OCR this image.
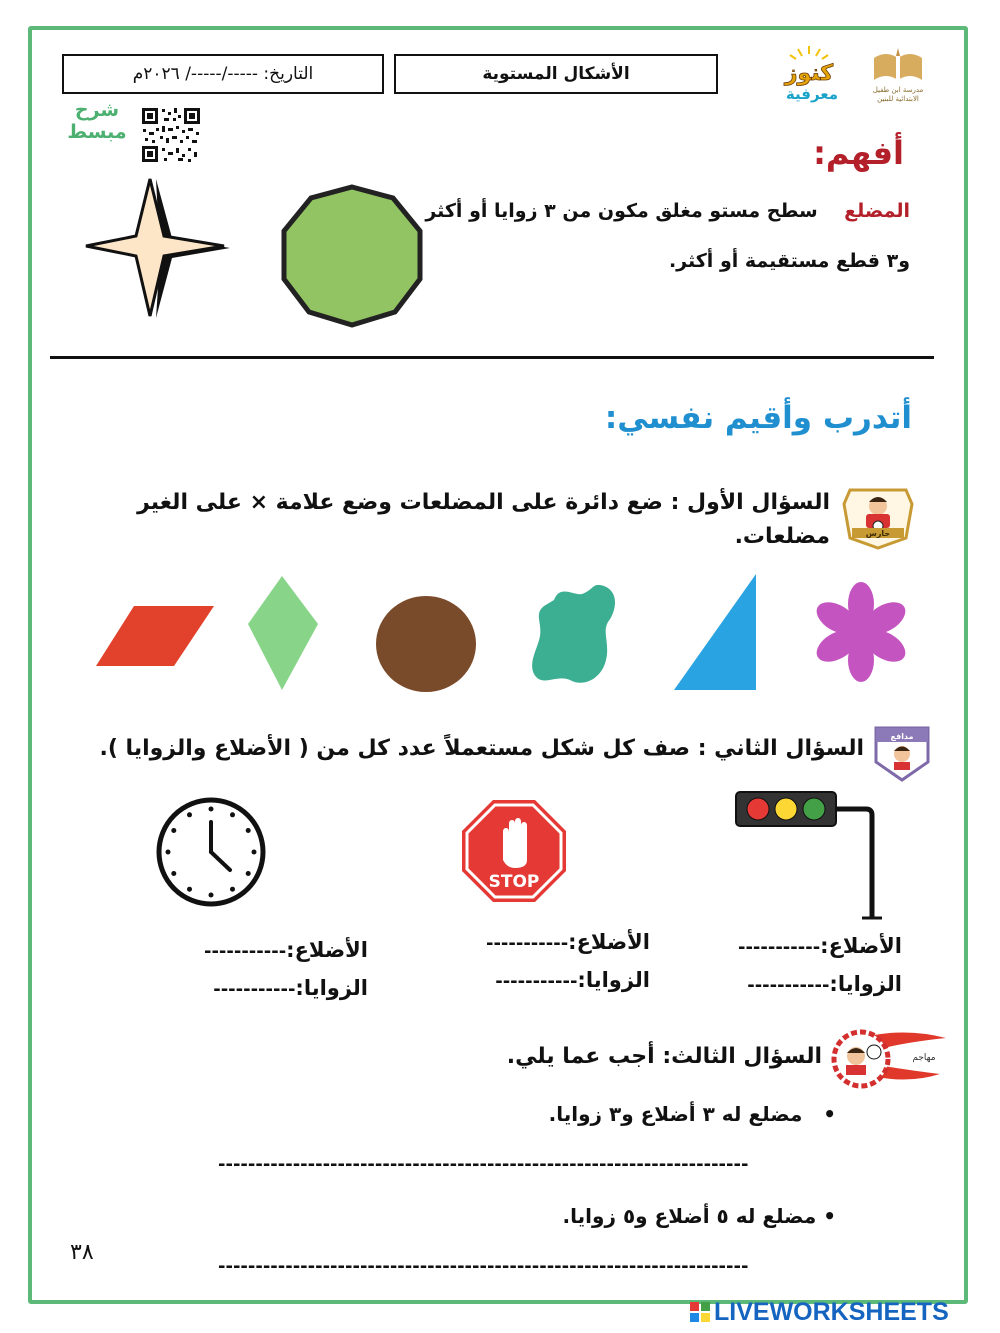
التاريخ: -----/-----/ ٢٠٢٦م	الأشكال المستوية	كنوز
معرفية	مدرسة ابن طفيل
الابتدائية للبنين
شرح
مبسط
أفهم:
المضلع    سطح مستو مغلق مكون من ٣ زوايا أو أكثر
و٣ قطع مستقيمة أو أكثر.
أتدرب وأقيم نفسي:
حارس
السؤال الأول : ضع دائرة على المضلعات وضع علامة × على الغير
مضلعات.
مدافع
السؤال الثاني : صف كل شكل مستعملاً عدد كل من ( الأضلاع والزوايا ).
STOP
الأضلاع:-----------
الزوايا:-----------
الأضلاع:-----------
الزوايا:-----------
الأضلاع:-----------
الزوايا:-----------
مهاجم
السؤال الثالث: أجب عما يلي.
•   مضلع له ٣ أضلاع و٣ زوايا.
-----------------------------------------------------------------------
• مضلع له ٥ أضلاع و٥ زوايا.
-----------------------------------------------------------------------
٣٨
LIVEWORKSHEETS
